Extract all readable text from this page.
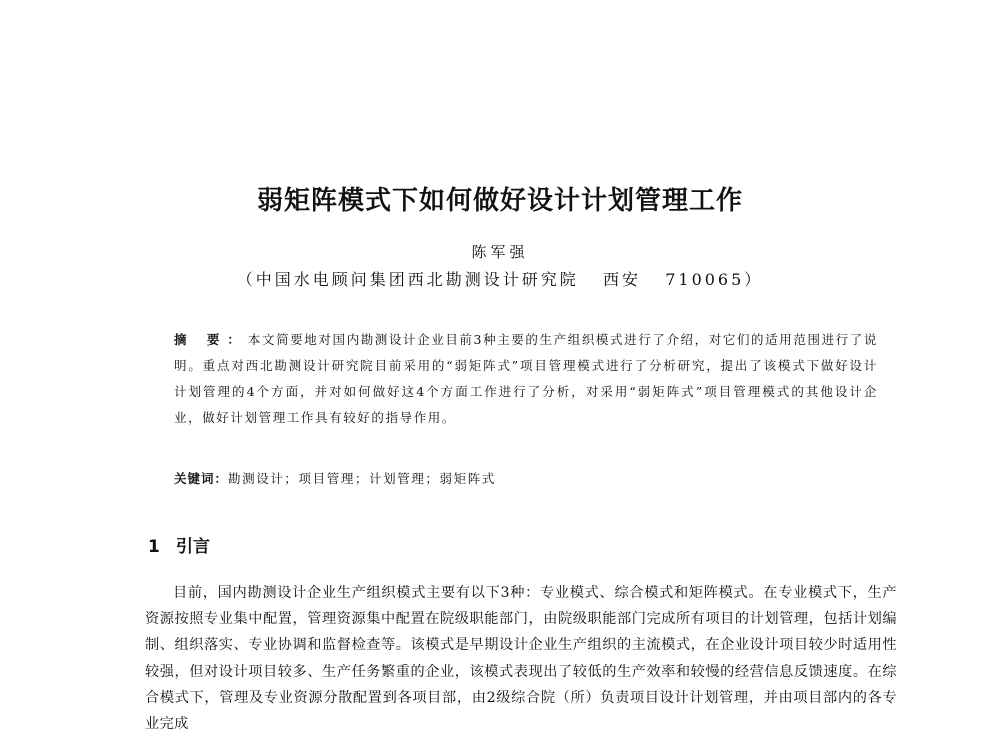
弱矩阵模式下如何做好设计计划管理工作
陈军强
（中国水电顾问集团西北勘测设计研究院   西安   710065）
摘 要：本文简要地对国内勘测设计企业目前3种主要的生产组织模式进行了介绍，对它们的适用范围进行了说明。重点对西北勘测设计研究院目前采用的“弱矩阵式”项目管理模式进行了分析研究，提出了该模式下做好设计计划管理的4个方面，并对如何做好这4个方面工作进行了分析，对采用“弱矩阵式”项目管理模式的其他设计企业，做好计划管理工作具有较好的指导作用。
关键词：勘测设计；项目管理；计划管理；弱矩阵式
1 引言
目前，国内勘测设计企业生产组织模式主要有以下3种：专业模式、综合模式和矩阵模式。在专业模式下，生产资源按照专业集中配置，管理资源集中配置在院级职能部门，由院级职能部门完成所有项目的计划管理，包括计划编制、组织落实、专业协调和监督检查等。该模式是早期设计企业生产组织的主流模式，在企业设计项目较少时适用性较强，但对设计项目较多、生产任务繁重的企业，该模式表现出了较低的生产效率和较慢的经营信息反馈速度。在综合模式下，管理及专业资源分散配置到各项目部，由2级综合院（所）负责项目设计计划管理，并由项目部内的各专业完成
